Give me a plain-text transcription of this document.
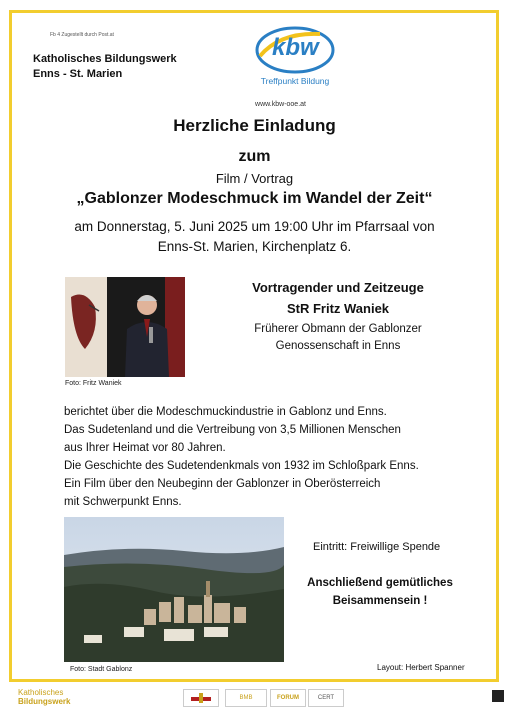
Fb 4 Zugestellt durch Post.at
Katholisches Bildungswerk
Enns - St. Marien
kbw
Treffpunkt Bildung
www.kbw-ooe.at
Herzliche Einladung
zum
Film / Vortrag
„Gablonzer Modeschmuck im Wandel der Zeit“
am Donnerstag, 5. Juni 2025 um 19:00 Uhr im Pfarrsaal von
Enns-St. Marien, Kirchenplatz 6.
Foto: Fritz Waniek
Vortragender und Zeitzeuge
StR Fritz Waniek
Früherer Obmann der Gablonzer
Genossenschaft in Enns
berichtet über die Modeschmuckindustrie in Gablonz und Enns.
Das Sudetenland und die Vertreibung von 3,5 Millionen Menschen
aus Ihrer Heimat vor 80 Jahren.
Die Geschichte des Sudetendenkmals von 1932 im Schloßpark Enns.
Ein Film über den Neubeginn der Gablonzer in Oberösterreich
mit Schwerpunkt Enns.
Foto: Stadt Gablonz
Eintritt: Freiwillige Spende
Anschließend gemütliches
Beisammensein !
Layout: Herbert Spanner
Katholisches
Bildungswerk	BMB	FORUM	CERT
